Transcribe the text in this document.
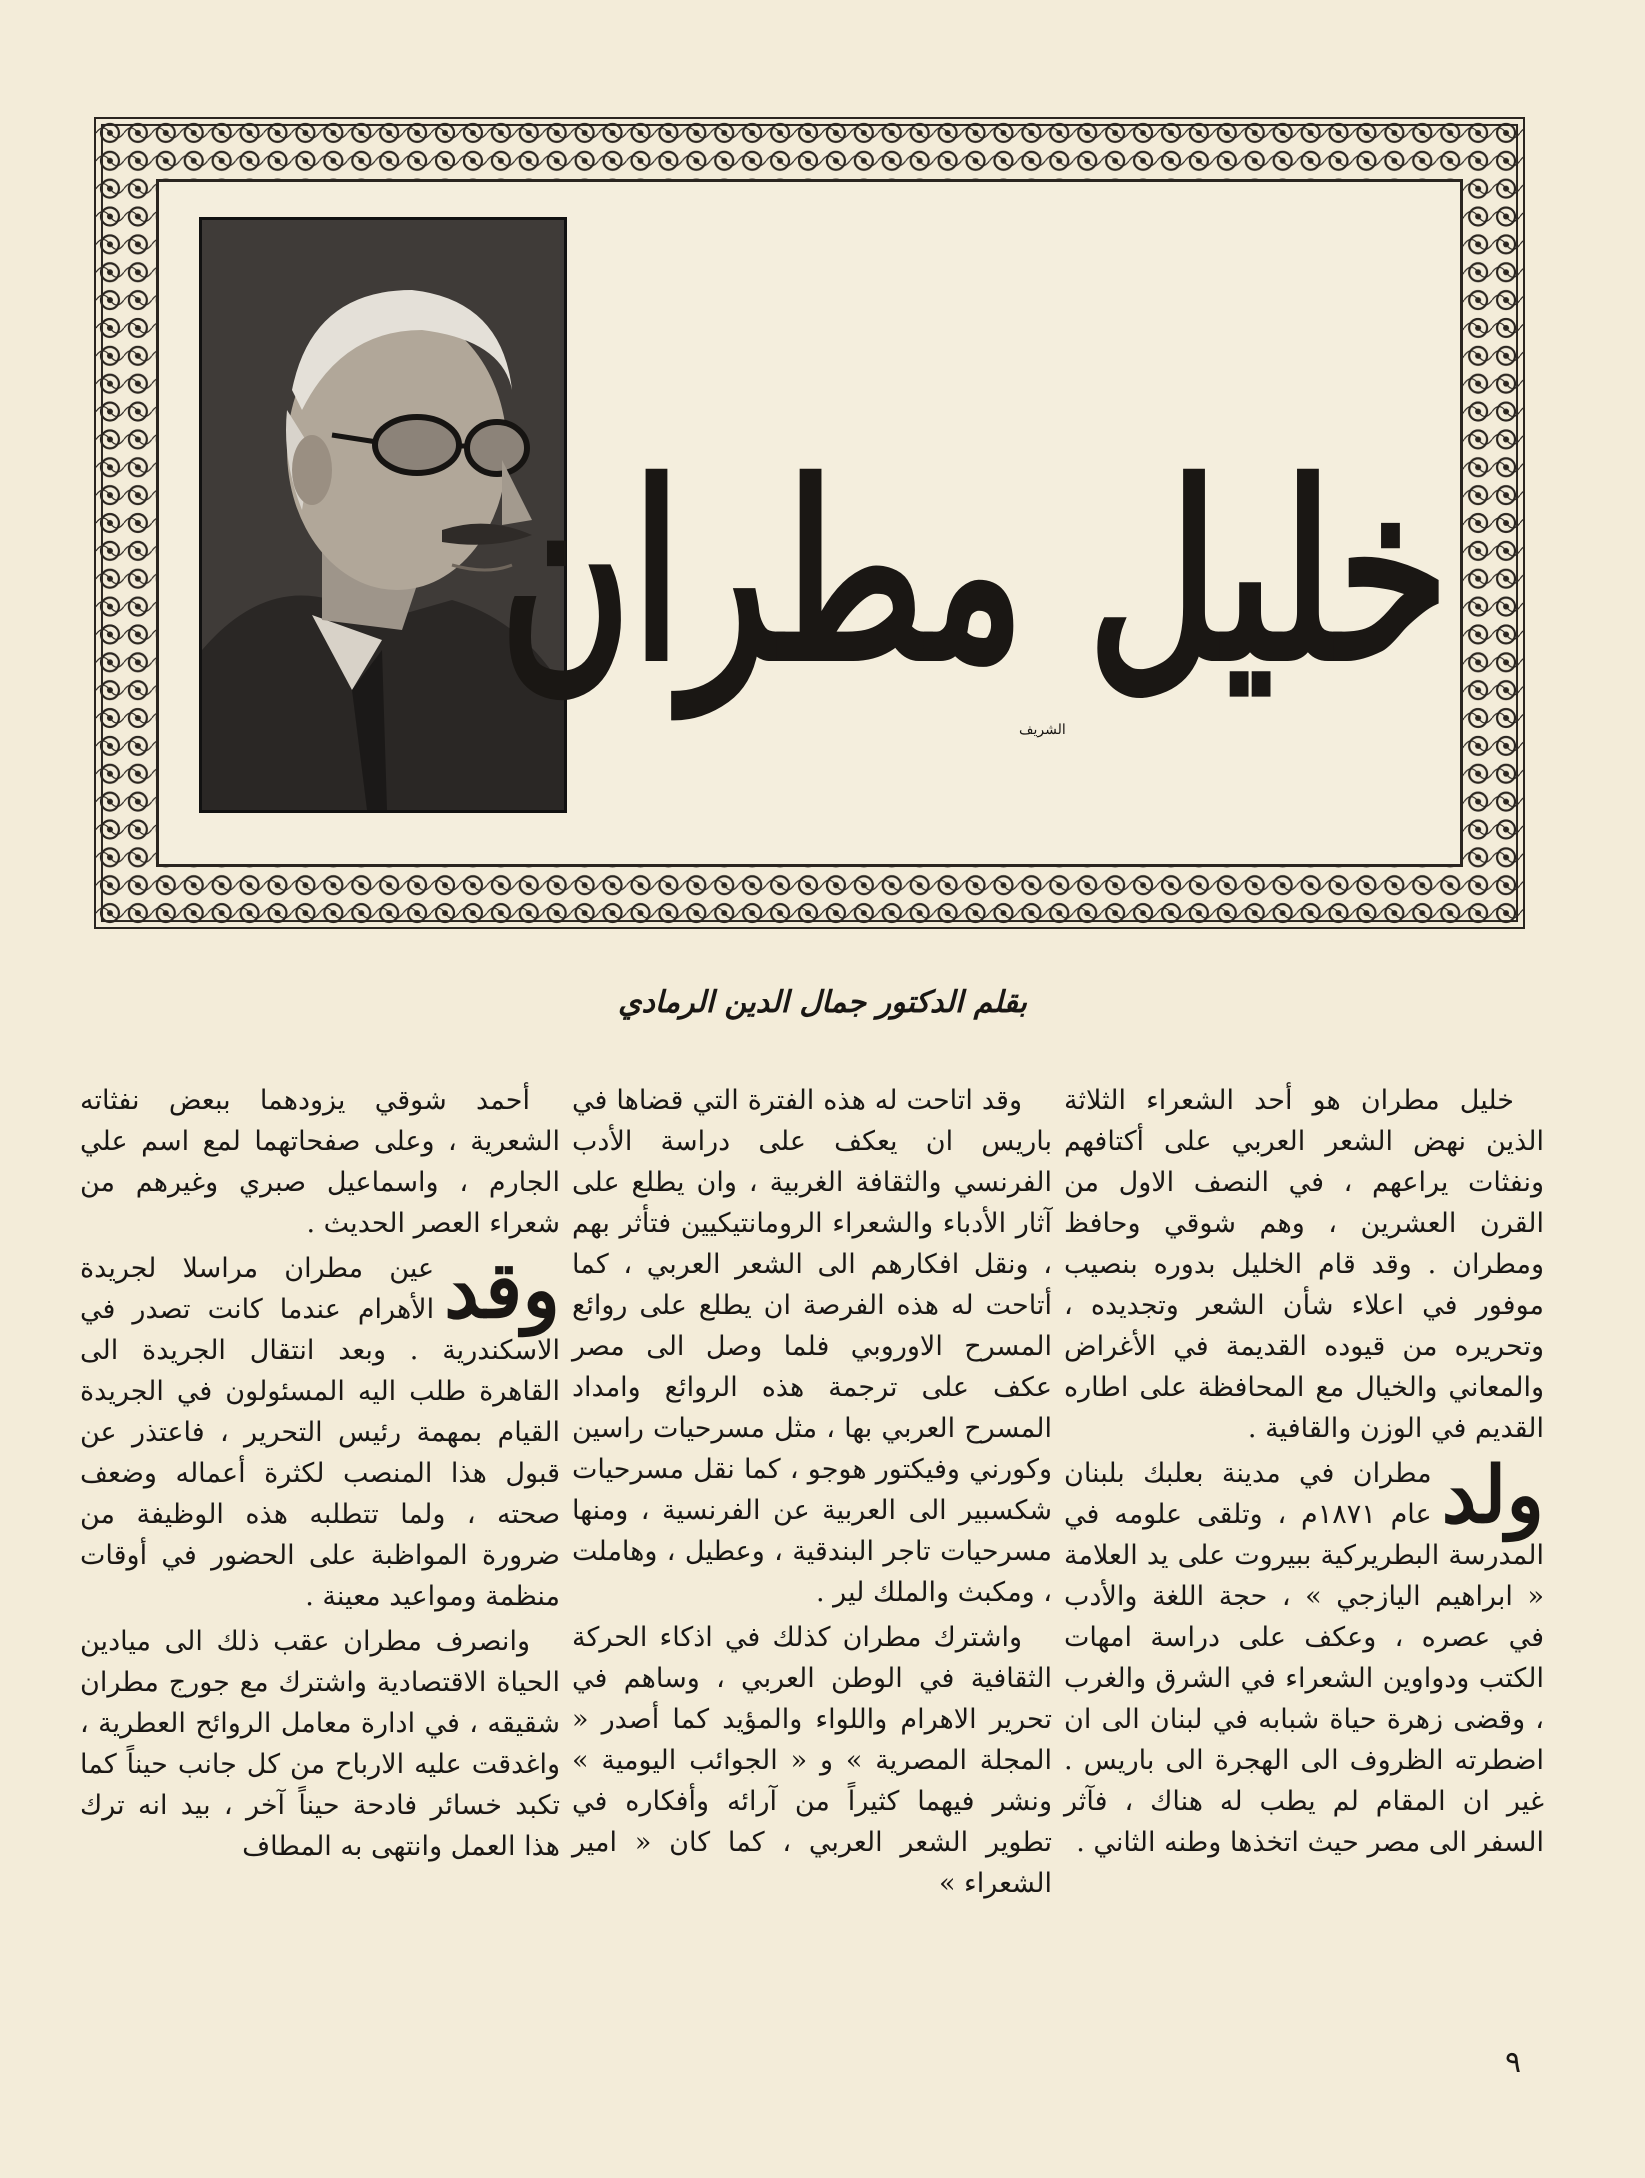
خليل مطران
الشريف
بقلم الدكتور جمال الدين الرمادي

خليل مطران هو أحد الشعراء الثلاثة الذين نهض الشعر العربي على أكتافهم ونفثات يراعهم ، في النصف الاول من القرن العشرين ، وهم شوقي وحافظ ومطران . وقد قام الخليل بدوره بنصيب موفور في اعلاء شأن الشعر وتجديده ، وتحريره من قيوده القديمة في الأغراض والمعاني والخيال مع المحافظة على اطاره القديم في الوزن والقافية .

ولد
مطران في مدينة بعلبك بلبنان عام ١٨٧١م ، وتلقى علومه في المدرسة البطريركية ببيروت على يد العلامة « ابراهيم اليازجي » ، حجة اللغة والأدب في عصره ، وعكف على دراسة امهات الكتب ودواوين الشعراء في الشرق والغرب ، وقضى زهرة حياة شبابه في لبنان الى ان اضطرته الظروف الى الهجرة الى باريس . غير ان المقام لم يطب له هناك ، فآثر السفر الى مصر حيث اتخذها وطنه الثاني .

وقد اتاحت له هذه الفترة التي قضاها في باريس ان يعكف على دراسة الأدب الفرنسي والثقافة الغربية ، وان يطلع على آثار الأدباء والشعراء الرومانتيكيين فتأثر بهم ، ونقل افكارهم الى الشعر العربي ، كما أتاحت له هذه الفرصة ان يطلع على روائع المسرح الاوروبي فلما وصل الى مصر عكف على ترجمة هذه الروائع وامداد المسرح العربي بها ، مثل مسرحيات راسين وكورني وفيكتور هوجو ، كما نقل مسرحيات شكسبير الى العربية عن الفرنسية ، ومنها مسرحيات تاجر البندقية ، وعطيل ، وهاملت ، ومكبث والملك لير .

واشترك مطران كذلك في اذكاء الحركة الثقافية في الوطن العربي ، وساهم في تحرير الاهرام واللواء والمؤيد كما أصدر « المجلة المصرية » و « الجوائب اليومية » ونشر فيهما كثيراً من آرائه وأفكاره في تطوير الشعر العربي ، كما كان « امير الشعراء »

أحمد شوقي يزودهما ببعض نفثاته الشعرية ، وعلى صفحاتهما لمع اسم علي الجارم ، واسماعيل صبري وغيرهم من شعراء العصر الحديث .

وقد
عين مطران مراسلا لجريدة الأهرام عندما كانت تصدر في الاسكندرية . وبعد انتقال الجريدة الى القاهرة طلب اليه المسئولون في الجريدة القيام بمهمة رئيس التحرير ، فاعتذر عن قبول هذا المنصب لكثرة أعماله وضعف صحته ، ولما تتطلبه هذه الوظيفة من ضرورة المواظبة على الحضور في أوقات منظمة ومواعيد معينة .

وانصرف مطران عقب ذلك الى ميادين الحياة الاقتصادية واشترك مع جورج مطران شقيقه ، في ادارة معامل الروائح العطرية ، واغدقت عليه الارباح من كل جانب حيناً كما تكبد خسائر فادحة حيناً آخر ، بيد انه ترك هذا العمل وانتهى به المطاف

٩
